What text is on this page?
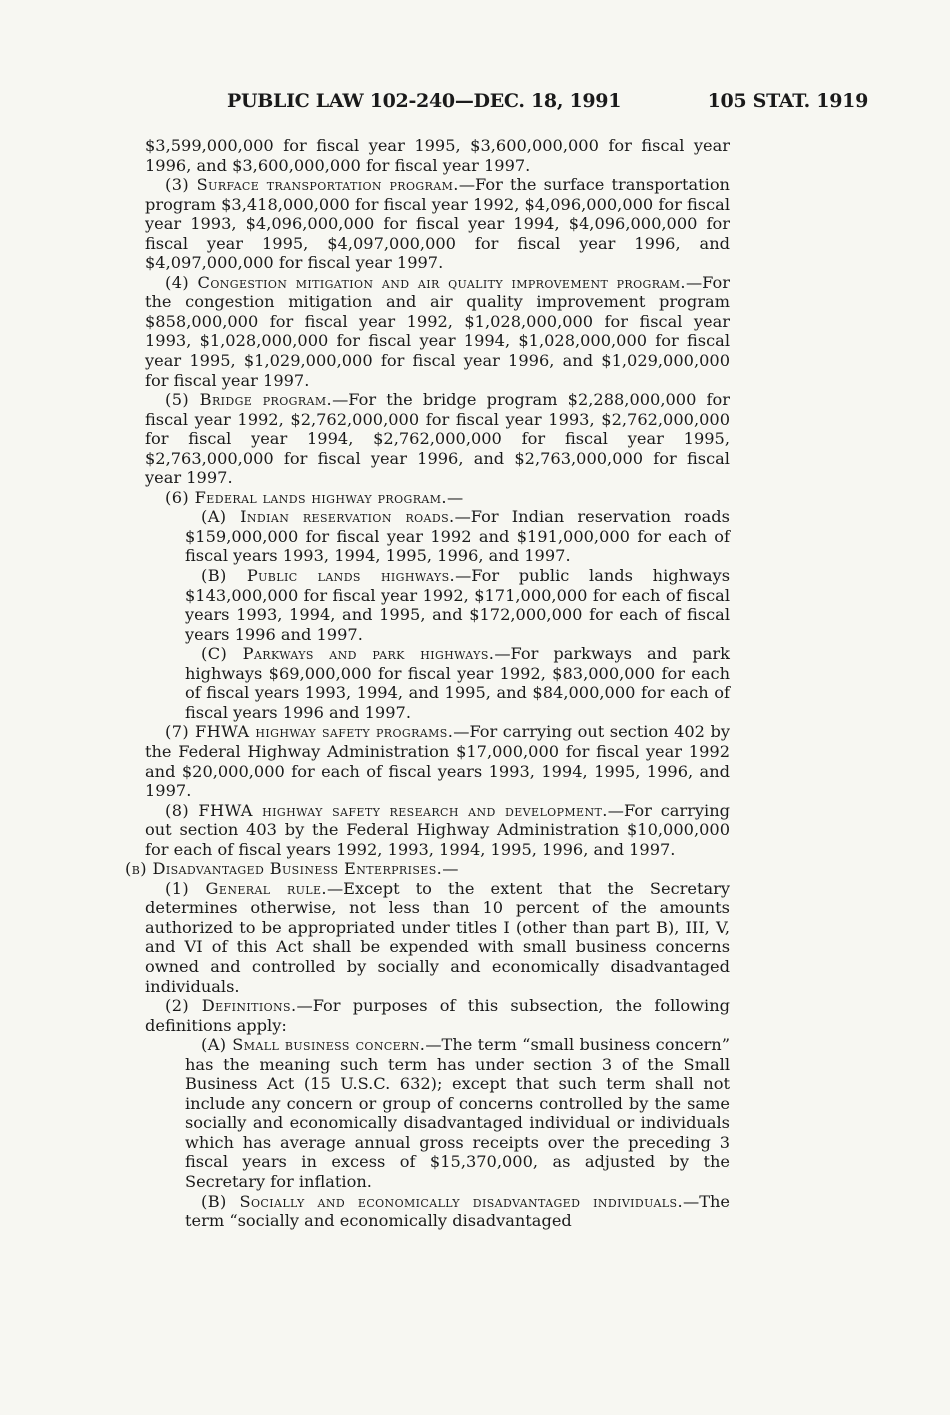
PUBLIC LAW 102-240—DEC. 18, 1991	105 STAT. 1919

$3,599,000,000 for fiscal year 1995, $3,600,000,000 for fiscal year 1996, and $3,600,000,000 for fiscal year 1997.

(3) Surface transportation program.—For the surface transportation program $3,418,000,000 for fiscal year 1992, $4,096,000,000 for fiscal year 1993, $4,096,000,000 for fiscal year 1994, $4,096,000,000 for fiscal year 1995, $4,097,000,000 for fiscal year 1996, and $4,097,000,000 for fiscal year 1997.

(4) Congestion mitigation and air quality improvement program.—For the congestion mitigation and air quality improvement program $858,000,000 for fiscal year 1992, $1,028,000,000 for fiscal year 1993, $1,028,000,000 for fiscal year 1994, $1,028,000,000 for fiscal year 1995, $1,029,000,000 for fiscal year 1996, and $1,029,000,000 for fiscal year 1997.

(5) Bridge program.—For the bridge program $2,288,000,000 for fiscal year 1992, $2,762,000,000 for fiscal year 1993, $2,762,000,000 for fiscal year 1994, $2,762,000,000 for fiscal year 1995, $2,763,000,000 for fiscal year 1996, and $2,763,000,000 for fiscal year 1997.

(6) Federal lands highway program.—

(A) Indian reservation roads.—For Indian reservation roads $159,000,000 for fiscal year 1992 and $191,000,000 for each of fiscal years 1993, 1994, 1995, 1996, and 1997.

(B) Public lands highways.—For public lands highways $143,000,000 for fiscal year 1992, $171,000,000 for each of fiscal years 1993, 1994, and 1995, and $172,000,000 for each of fiscal years 1996 and 1997.

(C) Parkways and park highways.—For parkways and park highways $69,000,000 for fiscal year 1992, $83,000,000 for each of fiscal years 1993, 1994, and 1995, and $84,000,000 for each of fiscal years 1996 and 1997.

(7) FHWA highway safety programs.—For carrying out section 402 by the Federal Highway Administration $17,000,000 for fiscal year 1992 and $20,000,000 for each of fiscal years 1993, 1994, 1995, 1996, and 1997.

(8) FHWA highway safety research and development.—For carrying out section 403 by the Federal Highway Administration $10,000,000 for each of fiscal years 1992, 1993, 1994, 1995, 1996, and 1997.

(b) Disadvantaged Business Enterprises.—

(1) General rule.—Except to the extent that the Secretary determines otherwise, not less than 10 percent of the amounts authorized to be appropriated under titles I (other than part B), III, V, and VI of this Act shall be expended with small business concerns owned and controlled by socially and economically disadvantaged individuals.

(2) Definitions.—For purposes of this subsection, the following definitions apply:

(A) Small business concern.—The term “small business concern” has the meaning such term has under section 3 of the Small Business Act (15 U.S.C. 632); except that such term shall not include any concern or group of concerns controlled by the same socially and economically disadvantaged individual or individuals which has average annual gross receipts over the preceding 3 fiscal years in excess of $15,370,000, as adjusted by the Secretary for inflation.

(B) Socially and economically disadvantaged individuals.—The term “socially and economically disadvantaged
